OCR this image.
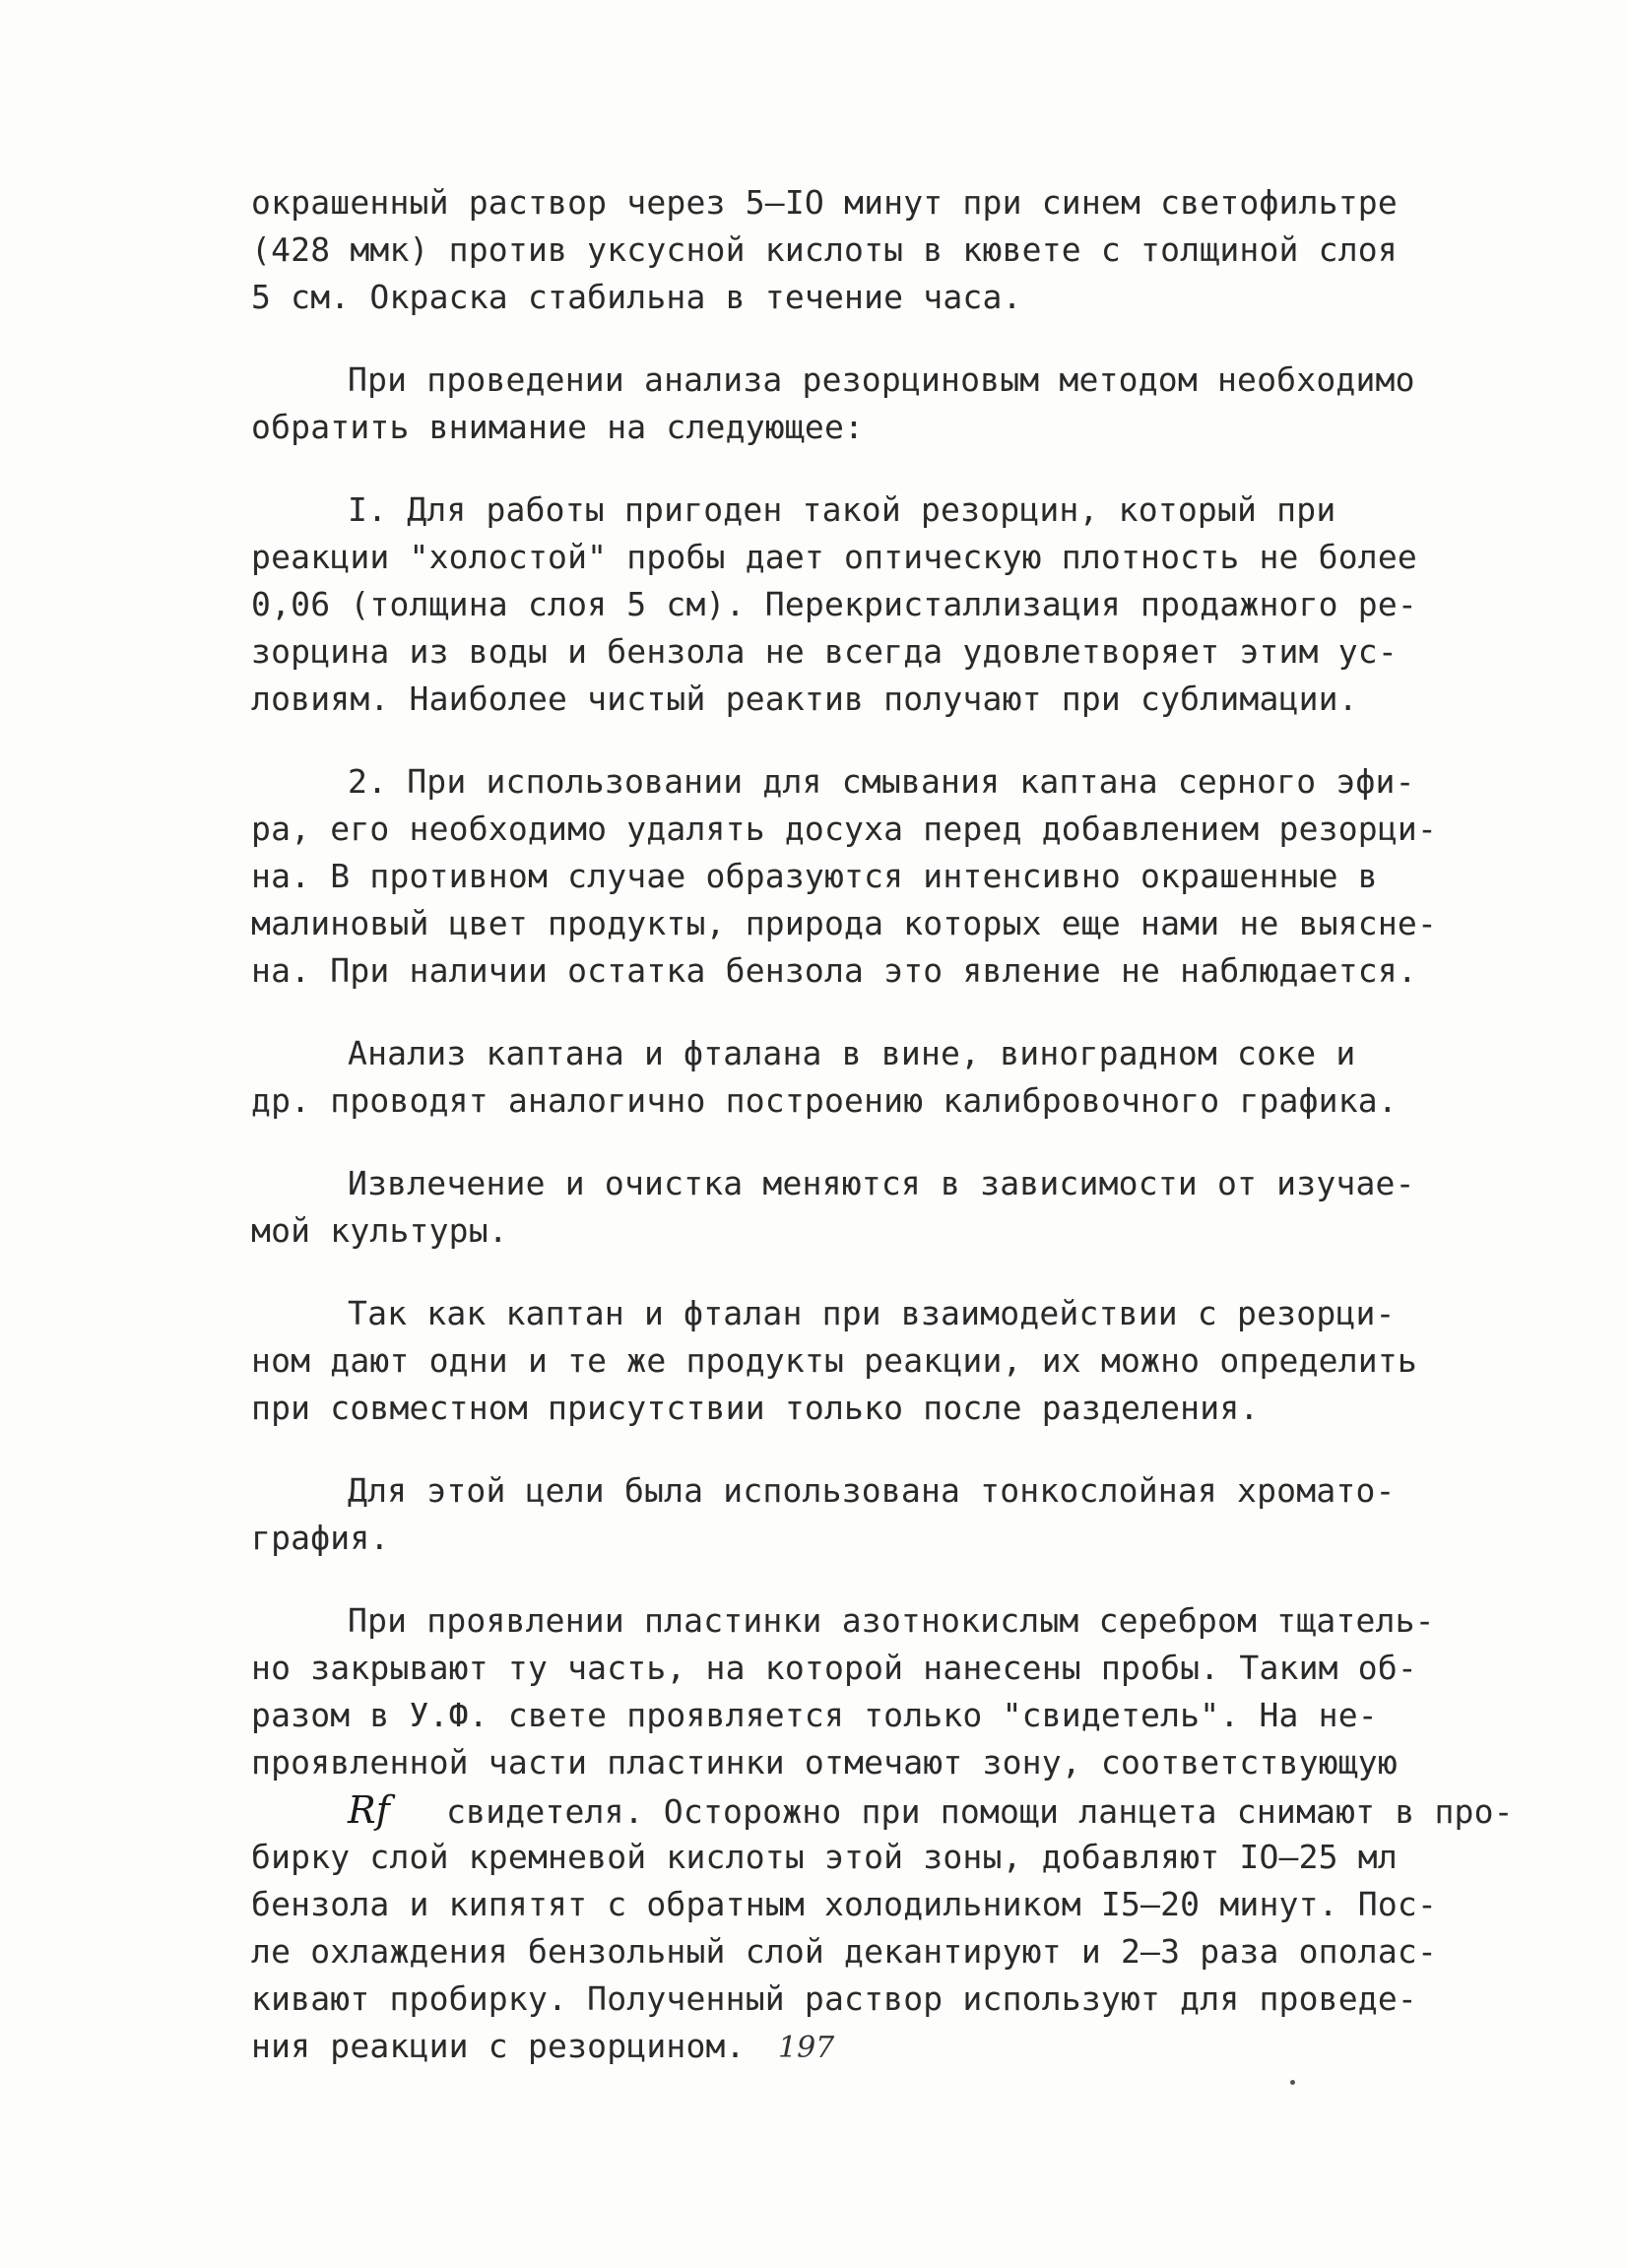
окрашенный раствор через 5–IO минут при синем светофильтре
(428 ммк) против уксусной кислоты в кювете с толщиной слоя
5 см. Окраска стабильна в течение часа.
При проведении анализа резорциновым методом необходимо
обратить внимание на следующее:
I. Для работы пригоден такой резорцин, который при
реакции "холостой" пробы дает оптическую плотность не более
0,06 (толщина слоя 5 см). Перекристаллизация продажного ре-
зорцина из воды и бензола не всегда удовлетворяет этим ус-
ловиям. Наиболее чистый реактив получают при сублимации.
2. При использовании для смывания каптана серного эфи-
ра, его необходимо удалять досуха перед добавлением резорци-
на. В противном случае образуются интенсивно окрашенные в
малиновый цвет продукты, природа которых еще нами не выясне-
на. При наличии остатка бензола это явление не наблюдается.
Анализ каптана и фталана в вине, виноградном соке и
др. проводят аналогично построению калибровочного графика.
Извлечение и очистка меняются в зависимости от изучае-
мой культуры.
Так как каптан и фталан при взаимодействии с резорци-
ном дают одни и те же продукты реакции, их можно определить
при совместном присутствии только после разделения.
Для этой цели была использована тонкослойная хромато-
графия.
При проявлении пластинки азотнокислым серебром тщатель-
но закрывают ту часть, на которой нанесены пробы. Таким об-
разом в У.Ф. свете проявляется только "свидетель". На не-
проявленной части пластинки отмечают зону, соответствующую
Rf свидетеля. Осторожно при помощи ланцета снимают в про-
бирку слой кремневой кислоты этой зоны, добавляют IO–25 мл
бензола и кипятят с обратным холодильником I5–20 минут. Пос-
ле охлаждения бензольный слой декантируют и 2–3 раза ополас-
кивают пробирку. Полученный раствор используют для проведе-
ния реакции с резорцином.	197
